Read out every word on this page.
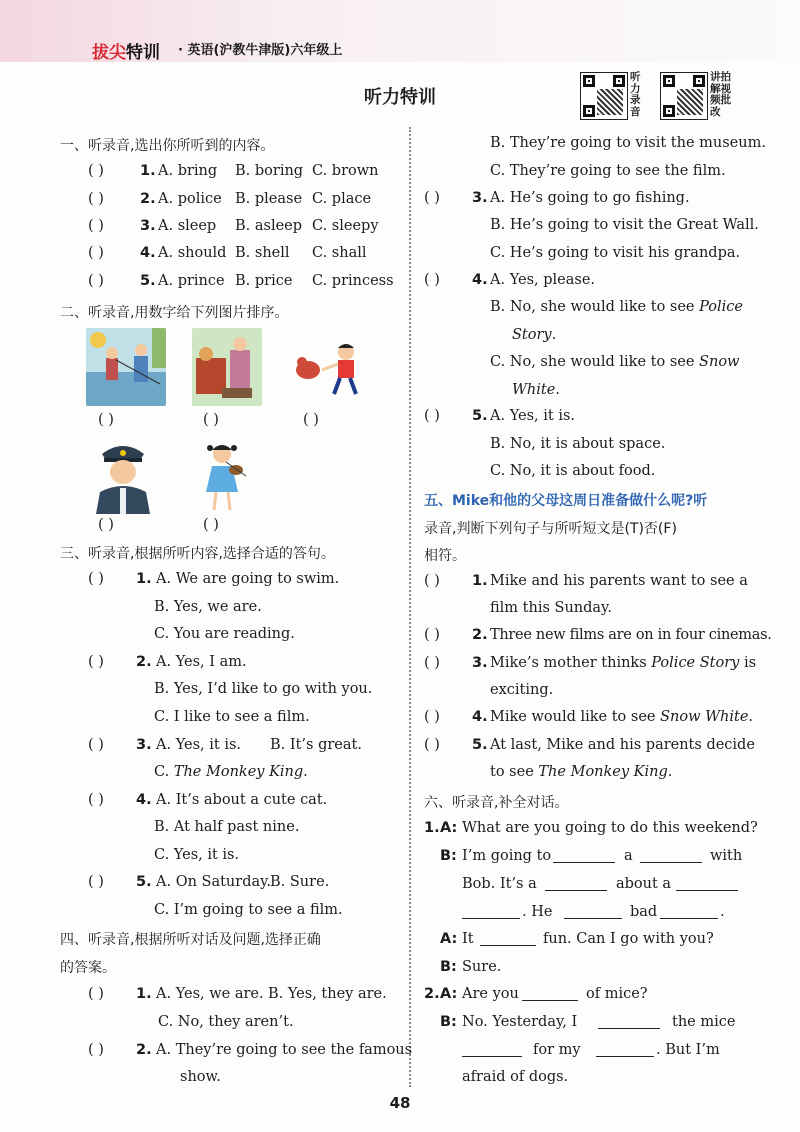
拔尖特训 · 英语(沪教牛津版)六年级上
听力录音
讲拍解视频批改
听力特训
一、听录音,选出你所听到的内容。
( ) 1. A. bring B. boring C. brown
( ) 2. A. police B. please C. place
( ) 3. A. sleep B. asleep C. sleepy
( ) 4. A. should B. shell C. shall
( ) 5. A. prince B. price C. princess
二、听录音,用数字给下列图片排序。
( )	( )	( )
( )	( )
三、听录音,根据所听内容,选择合适的答句。
( ) 1. A. We are going to swim.
B. Yes, we are.
C. You are reading.
( ) 2. A. Yes, I am.
B. Yes, I’d like to go with you.
C. I like to see a film.
( ) 3. A. Yes, it is. B. It’s great.
C. The Monkey King.
( ) 4. A. It’s about a cute cat.
B. At half past nine.
C. Yes, it is.
( ) 5. A. On Saturday.
B. Sure.
C. I’m going to see a film.
四、听录音,根据所听对话及问题,选择正确
的答案。
( ) 1. A. Yes, we are. B. Yes, they are.
C. No, they aren’t.
( ) 2. A. They’re going to see the famous
show.
B. They’re going to visit the museum.
C. They’re going to see the film.
( ) 3. A. He’s going to go fishing.
B. He’s going to visit the Great Wall.
C. He’s going to visit his grandpa.
( ) 4. A. Yes, please.
B. No, she would like to see Police
Story.
C. No, she would like to see Snow
White.
( ) 5. A. Yes, it is.
B. No, it is about space.
C. No, it is about food.
五、Mike和他的父母这周日准备做什么呢?听
录音,判断下列句子与所听短文是(T)否(F)
相符。
( ) 1. Mike and his parents want to see a
film this Sunday.
( ) 2. Three new films are on in four cinemas.
( ) 3. Mike’s mother thinks Police Story is
exciting.
( ) 4. Mike would like to see Snow White.
( ) 5. At last, Mike and his parents decide
to see The Monkey King.
六、听录音,补全对话。
1. A: What are you going to do this weekend?
B: I’m going to	a	with
Bob. It’s a	about a
. He	bad	.
A: It	fun. Can I go with you?
B: Sure.
2. A: Are you	of mice?
B: No. Yesterday, I	the mice
for my	. But I’m
afraid of dogs.
48
